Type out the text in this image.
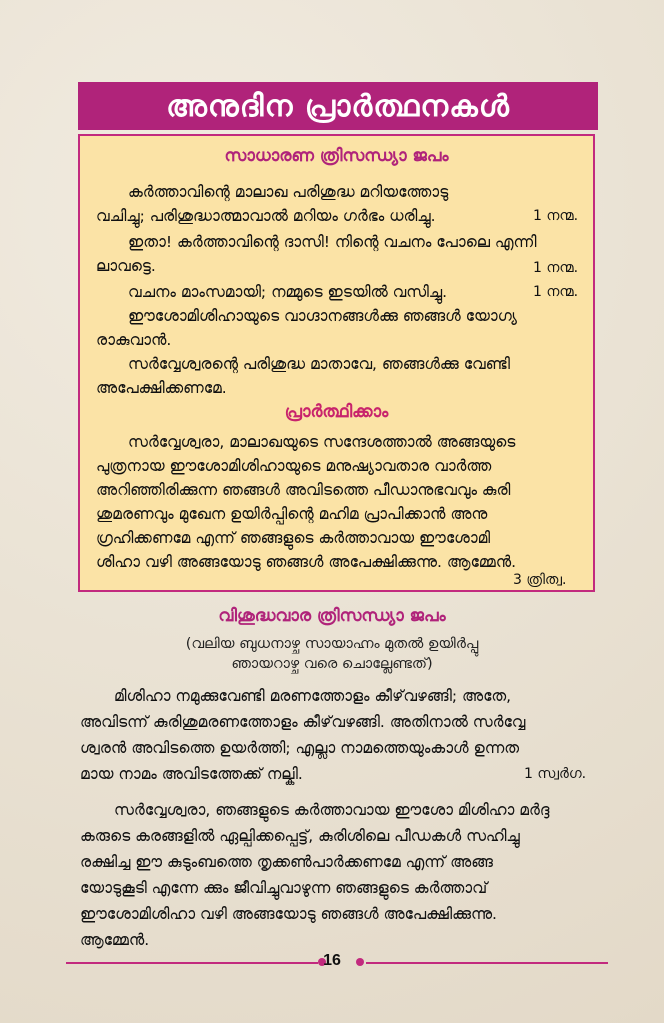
അനുദിന പ്രാർത്ഥനകൾ
സാധാരണ ത്രിസന്ധ്യാ ജപം
കർത്താവിന്റെ മാലാഖ പരിശുദ്ധ മറിയത്തോടു
വചിച്ചു; പരിശുദ്ധാത്മാവാൽ മറിയം ഗർഭം ധരിച്ചു.	1 നന്മ.
ഇതാ! കർത്താവിന്റെ ദാസി! നിന്റെ വചനം പോലെ എന്നി
ലാവട്ടെ.	1 നന്മ.
വചനം മാംസമായി; നമ്മുടെ ഇടയിൽ വസിച്ചു.	1 നന്മ.
ഈശോമിശിഹായുടെ വാഗ്ദാനങ്ങൾക്കു ഞങ്ങൾ യോഗ്യ
രാകുവാൻ.
സർവ്വേശ്വരന്റെ പരിശുദ്ധ മാതാവേ, ഞങ്ങൾക്കു വേണ്ടി
അപേക്ഷിക്കണമേ.
പ്രാർത്ഥിക്കാം
സർവ്വേശ്വരാ, മാലാഖയുടെ സന്ദേശത്താൽ അങ്ങയുടെ
പുത്രനായ ഈശോമിശിഹായുടെ മനുഷ്യാവതാര വാർത്ത
അറിഞ്ഞിരിക്കുന്ന ഞങ്ങൾ അവിടത്തെ പീഡാനുഭവവും കുരി
ശുമരണവും മുഖേന ഉയിർപ്പിന്റെ മഹിമ പ്രാപിക്കാൻ അനു
ഗ്രഹിക്കണമേ എന്ന് ഞങ്ങളുടെ കർത്താവായ ഈശോമി
ശിഹാ വഴി അങ്ങയോടു ഞങ്ങൾ അപേക്ഷിക്കുന്നു. ആമ്മേൻ.
3 ത്രിത്വ.
വിശുദ്ധവാര ത്രിസന്ധ്യാ ജപം
(വലിയ ബുധനാഴ്ച സായാഹ്നം മുതൽ ഉയിർപ്പു
ഞായറാഴ്ച വരെ ചൊല്ലേണ്ടത്)
മിശിഹാ നമുക്കുവേണ്ടി മരണത്തോളം കീഴ്‌വഴങ്ങി; അതേ,
അവിടന്ന് കുരിശുമരണത്തോളം കീഴ്‌വഴങ്ങി. അതിനാൽ സർവ്വേ
ശ്വരൻ അവിടത്തെ ഉയർത്തി; എല്ലാ നാമത്തെയുംകാൾ ഉന്നത
മായ നാമം അവിടത്തേക്ക് നല്കി.	1 സ്വർഗ.
സർവ്വേശ്വരാ, ഞങ്ങളുടെ കർത്താവായ ഈശോ മിശിഹാ മർദ്ദ
കരുടെ കരങ്ങളിൽ ഏല്പിക്കപ്പെട്ട്, കുരിശിലെ പീഡകൾ സഹിച്ചു
രക്ഷിച്ച ഈ കുടുംബത്തെ തൃക്കൺപാർക്കണമേ എന്ന് അങ്ങ
യോടുകൂടി എന്നേ ക്കും ജീവിച്ചുവാഴുന്ന ഞങ്ങളുടെ കർത്താവ്
ഈശോമിശിഹാ വഴി അങ്ങയോടു ഞങ്ങൾ അപേക്ഷിക്കുന്നു.
ആമ്മേൻ.
16
